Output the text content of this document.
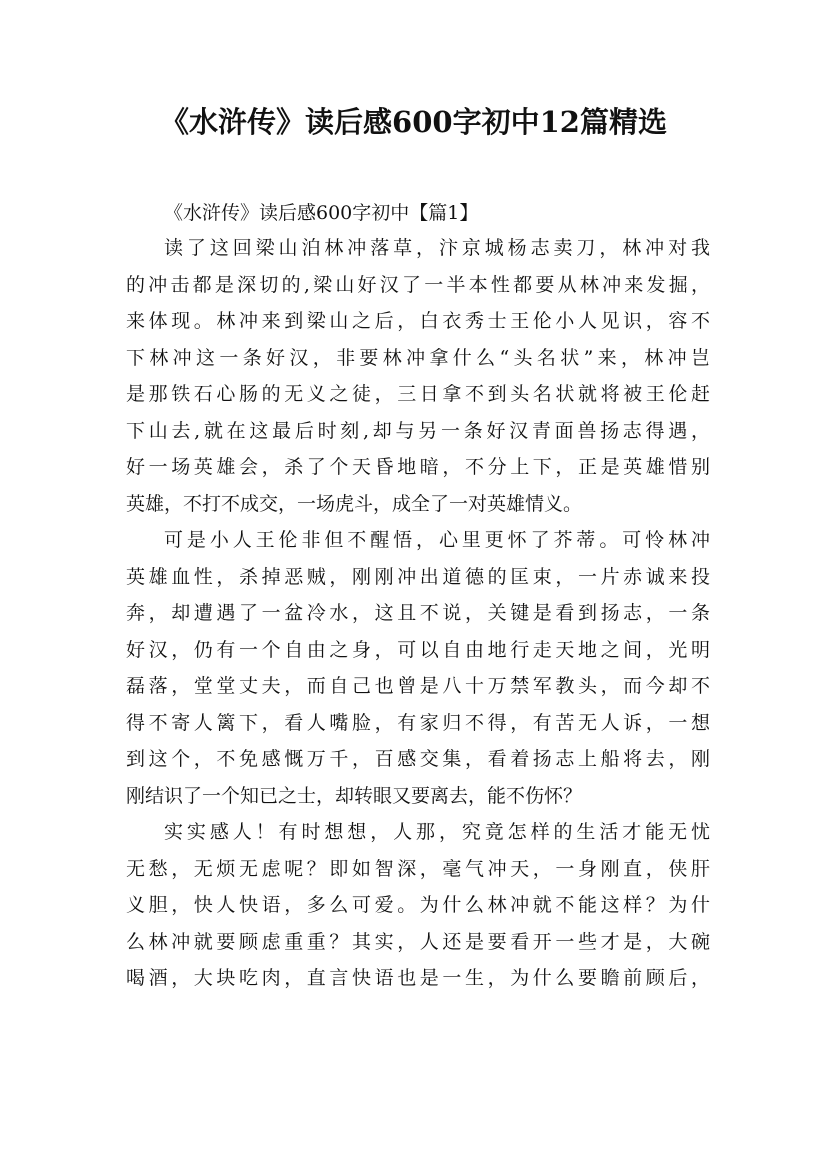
《水浒传》读后感600字初中12篇精选
《水浒传》读后感600字初中【篇1】
读了这回梁山泊林冲落草，汴京城杨志卖刀，林冲对我
的冲击都是深切的,梁山好汉了一半本性都要从林冲来发掘，
来体现。林冲来到梁山之后，白衣秀士王伦小人见识，容不
下林冲这一条好汉，非要林冲拿什么“头名状”来，林冲岂
是那铁石心肠的无义之徒，三日拿不到头名状就将被王伦赶
下山去,就在这最后时刻,却与另一条好汉青面兽扬志得遇，
好一场英雄会，杀了个天昏地暗，不分上下，正是英雄惜别
英雄，不打不成交，一场虎斗，成全了一对英雄情义。
可是小人王伦非但不醒悟，心里更怀了芥蒂。可怜林冲
英雄血性，杀掉恶贼，刚刚冲出道德的匡束，一片赤诚来投
奔，却遭遇了一盆冷水，这且不说，关键是看到扬志，一条
好汉，仍有一个自由之身，可以自由地行走天地之间，光明
磊落，堂堂丈夫，而自己也曾是八十万禁军教头，而今却不
得不寄人篱下，看人嘴脸，有家归不得，有苦无人诉，一想
到这个，不免感慨万千，百感交集，看着扬志上船将去，刚
刚结识了一个知已之士，却转眼又要离去，能不伤怀？
实实感人！有时想想，人那，究竟怎样的生活才能无忧
无愁，无烦无虑呢？即如智深，毫气冲天，一身刚直，侠肝
义胆，快人快语，多么可爱。为什么林冲就不能这样？为什
么林冲就要顾虑重重？其实，人还是要看开一些才是，大碗
喝酒，大块吃肉，直言快语也是一生，为什么要瞻前顾后，
